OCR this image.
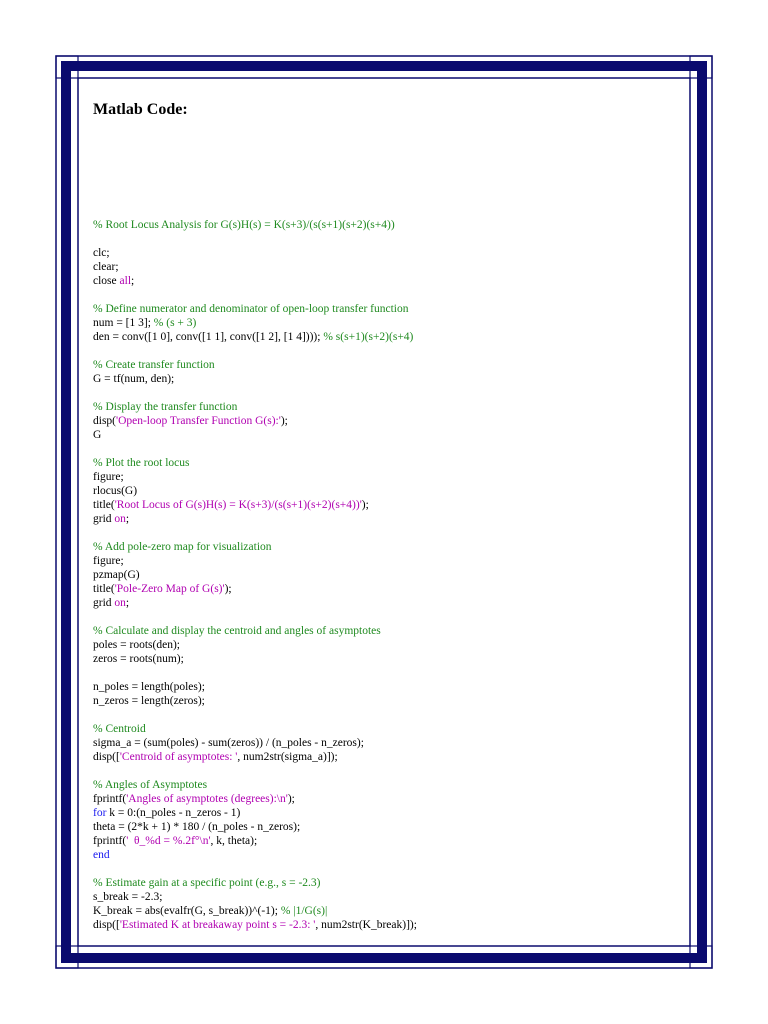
Matlab Code:
% Root Locus Analysis for G(s)H(s) = K(s+3)/(s(s+1)(s+2)(s+4))

clc;
clear;
close all;

% Define numerator and denominator of open-loop transfer function
num = [1 3]; % (s + 3)
den = conv([1 0], conv([1 1], conv([1 2], [1 4]))); % s(s+1)(s+2)(s+4)

% Create transfer function
G = tf(num, den);

% Display the transfer function
disp('Open-loop Transfer Function G(s):');
G

% Plot the root locus
figure;
rlocus(G)
title('Root Locus of G(s)H(s) = K(s+3)/(s(s+1)(s+2)(s+4))');
grid on;

% Add pole-zero map for visualization
figure;
pzmap(G)
title('Pole-Zero Map of G(s)');
grid on;

% Calculate and display the centroid and angles of asymptotes
poles = roots(den);
zeros = roots(num);

n_poles = length(poles);
n_zeros = length(zeros);

% Centroid
sigma_a = (sum(poles) - sum(zeros)) / (n_poles - n_zeros);
disp(['Centroid of asymptotes: ', num2str(sigma_a)]);

% Angles of Asymptotes
fprintf('Angles of asymptotes (degrees):\n');
for k = 0:(n_poles - n_zeros - 1)
theta = (2*k + 1) * 180 / (n_poles - n_zeros);
fprintf('  θ_%d = %.2f°\n', k, theta);
end

% Estimate gain at a specific point (e.g., s = -2.3)
s_break = -2.3;
K_break = abs(evalfr(G, s_break))^(-1); % |1/G(s)|
disp(['Estimated K at breakaway point s = -2.3: ', num2str(K_break)]);
